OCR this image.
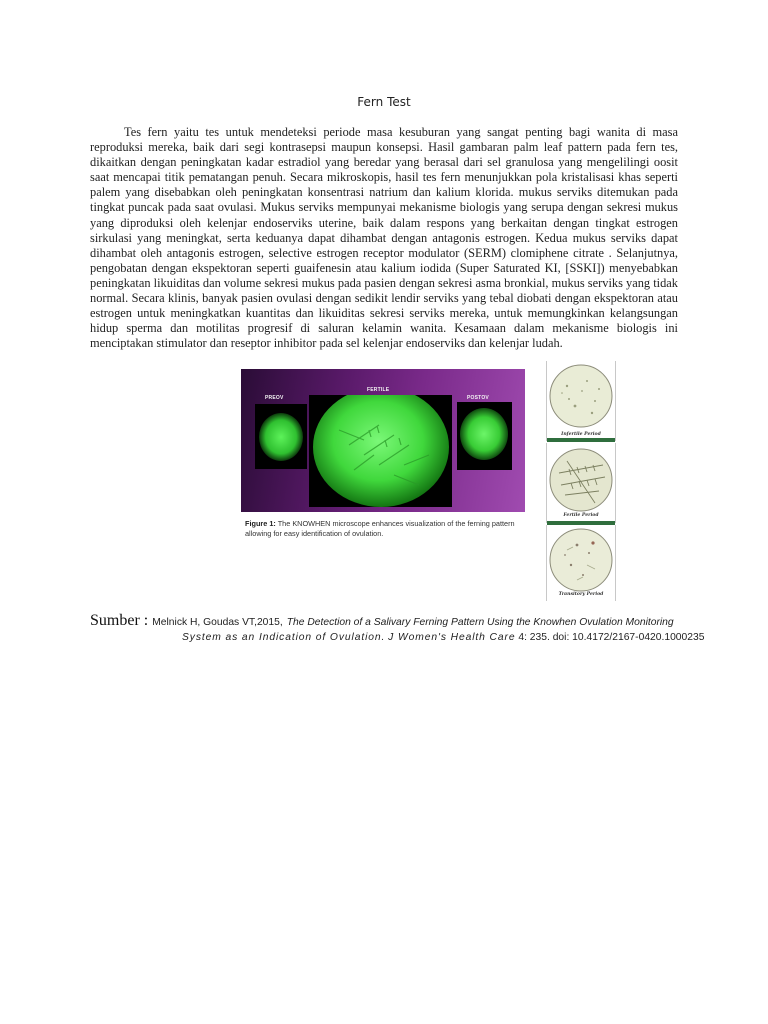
Fern Test

Tes fern yaitu tes untuk mendeteksi periode masa kesuburan yang sangat penting bagi wanita di masa reproduksi mereka, baik dari segi kontrasepsi maupun konsepsi. Hasil gambaran palm leaf pattern pada fern tes, dikaitkan dengan peningkatan kadar estradiol yang beredar yang berasal dari sel granulosa yang mengelilingi oosit saat mencapai titik pematangan penuh. Secara mikroskopis, hasil tes fern menunjukkan pola kristalisasi khas seperti palem yang disebabkan oleh peningkatan konsentrasi natrium dan kalium klorida. mukus serviks ditemukan pada tingkat puncak pada saat ovulasi. Mukus serviks mempunyai mekanisme biologis yang serupa dengan sekresi mukus yang diproduksi oleh kelenjar endoserviks uterine, baik dalam respons yang berkaitan dengan tingkat estrogen sirkulasi yang meningkat, serta keduanya dapat dihambat dengan antagonis estrogen. Kedua mukus serviks dapat dihambat oleh antagonis estrogen, selective estrogen receptor modulator (SERM) clomiphene citrate . Selanjutnya, pengobatan dengan ekspektoran seperti guaifenesin atau kalium iodida (Super Saturated KI, [SSKI]) menyebabkan peningkatan likuiditas dan volume sekresi mukus pada pasien dengan sekresi asma bronkial, mukus serviks yang tidak normal. Secara klinis, banyak pasien ovulasi dengan sedikit lendir serviks yang tebal diobati dengan ekspektoran atau estrogen untuk meningkatkan kuantitas dan likuiditas sekresi serviks mereka, untuk memungkinkan kelangsungan hidup sperma dan motilitas progresif di saluran kelamin wanita. Kesamaan dalam mekanisme biologis ini menciptakan stimulator dan reseptor inhibitor pada sel kelenjar endoserviks dan kelenjar ludah.

PREOV
FERTILE
POSTOV
Figure 1: The KNOWHEN microscope enhances visualization of the ferning pattern allowing for easy identification of ovulation.
Infertile Period
Fertile Period
Transitory Period
Sumber : Melnick H, Goudas VT,2015, The Detection of a Salivary Ferning Pattern Using the Knowhen Ovulation Monitoring
System as an Indication of Ovulation. J Women's Health Care 4: 235. doi: 10.4172/2167-0420.1000235
